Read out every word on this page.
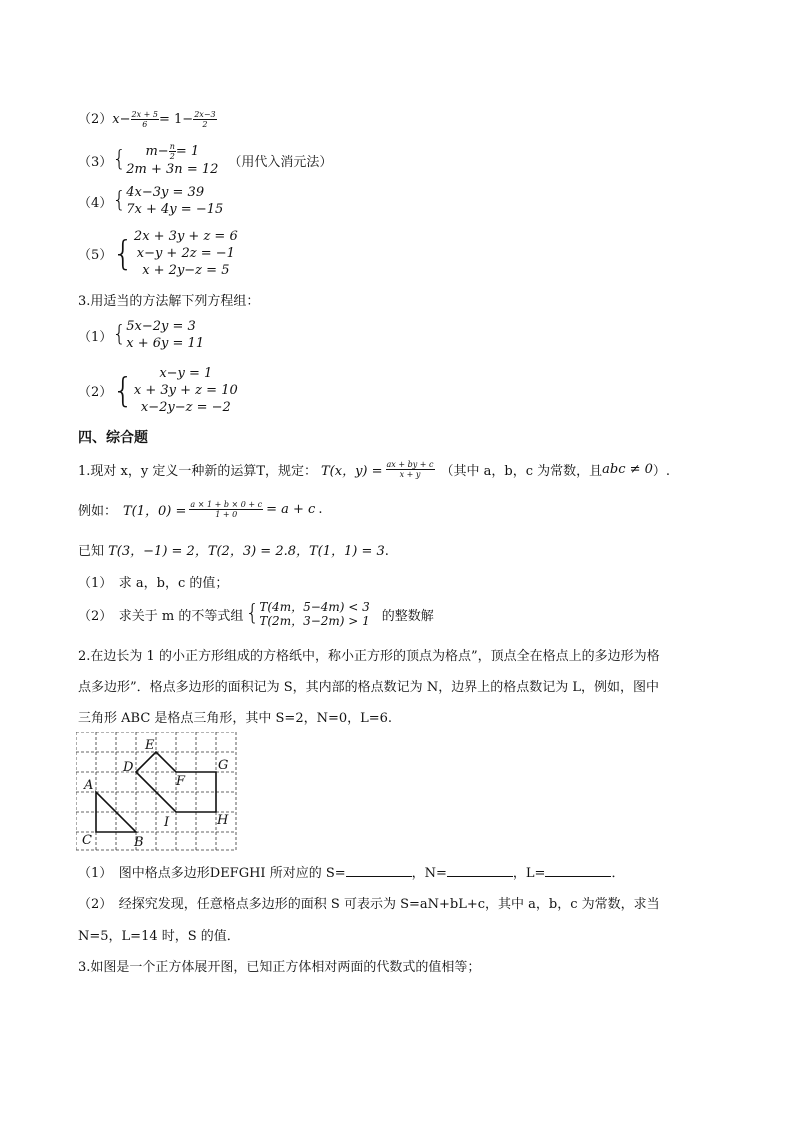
$(2)x- \frac{2x + 5}{6} = 1- \frac{2x-3}{2}$
（3） { $m- \frac{n}{2} = 1$
2m + 3n = 12 （用代入消元法）
（4） { 4x−3y = 39
7x + 4y = −15
（5） { 2x + 3y + z = 6
x−y + 2z = −1
x + 2y−z = 5
3.用适当的方法解下列方程组：
（1） { 5x−2y = 3
x + 6y = 11
（2） { x−y = 1
x + 3y + z = 10
x−2y−z = −2
四、综合题
1.现对 x，y 定义一种新的运算T，规定： T(x，$y) = \frac{ax + by + c}{x + y}$ （其中 a，b，c 为常数，且 abc ≠ 0 ）.
例如： T(1，$0) = \frac{a \times 1 + b \times 0 + c}{1 + 0} = a + c$ .
已知 T(3，−1) = 2，T(2，3) = 2.8，T(1，1) = 3.
（1）　求 a，b，c 的值；
（2）　求关于 m 的不等式组 { T(4m，5−4m) < 3
T(2m，3−2m) > 1 的整数解
2.在边长为 1 的小正方形组成的方格纸中，称小正方形的顶点为格点”，顶点全在格点上的多边形为格
点多边形”．格点多边形的面积记为 S，其内部的格点数记为 N，边界上的格点数记为 L，例如，图中
三角形 ABC 是格点三角形，其中 S=2，N=0，L=6.
A
C	B
D
E
F
G
H
I
（1）　图中格点多边形DEFGHI 所对应的 S=	，N=	，L=	．
（2）　经探究发现，任意格点多边形的面积 S 可表示为 S=aN+bL+c，其中 a，b，c 为常数，求当
N=5，L=14 时，S 的值．
3.如图是一个正方体展开图，已知正方体相对两面的代数式的值相等；
